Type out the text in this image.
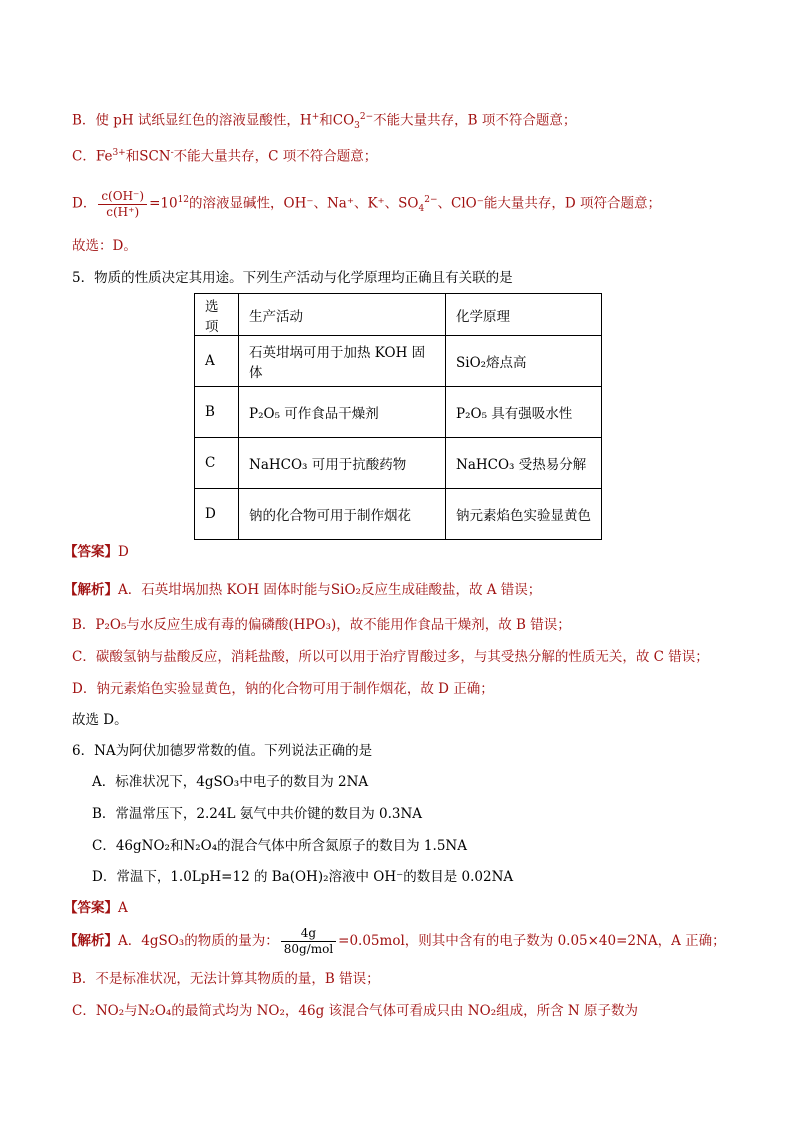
B．使 pH 试纸显红色的溶液显酸性，H+和$CO_3^{2-}$不能大量共存，B 项不符合题意；
C．$Fe^{3+}$和SCN-不能大量共存，C 项不符合题意；
D． $\frac{c(OH^-)}{c(H^+)} =10^{12}$的溶液显碱性，OH⁻、Na⁺、K⁺、$SO_4^{2-}$、ClO⁻能大量共存，D 项符合题意；
故选：D。
5．物质的性质决定其用途。下列生产活动与化学原理均正确且有关联的是
选项	生产活动	化学原理
A	石英坩埚可用于加热 KOH 固体	SiO₂熔点高
B	P₂O₅ 可作食品干燥剂	P₂O₅ 具有强吸水性
C	NaHCO₃ 可用于抗酸药物	NaHCO₃ 受热易分解
D	钠的化合物可用于制作烟花	钠元素焰色实验显黄色
【答案】D
【解析】A．石英坩埚加热 KOH 固体时能与SiO₂反应生成硅酸盐，故 A 错误；
B．P₂O₅与水反应生成有毒的偏磷酸(HPO₃)，故不能用作食品干燥剂，故 B 错误；
C．碳酸氢钠与盐酸反应，消耗盐酸，所以可以用于治疗胃酸过多，与其受热分解的性质无关，故 C 错误；
D．钠元素焰色实验显黄色，钠的化合物可用于制作烟花，故 D 正确；
故选 D。
6．NA为阿伏加德罗常数的值。下列说法正确的是
A．标准状况下，4gSO₃中电子的数目为 2NA
B．常温常压下，2.24L 氨气中共价键的数目为 0.3NA
C．46gNO₂和N₂O₄的混合气体中所含氮原子的数目为 1.5NA
D．常温下，1.0LpH=12 的 Ba(OH)₂溶液中 OH⁻的数目是 0.02NA
【答案】A
【解析】A．4gSO₃的物质的量为： $\frac{4g}{\text{80g/mol}} =0.05mol$，则其中含有的电子数为 0.05×40=2NA，A 正确；
B．不是标准状况，无法计算其物质的量，B 错误；
C．NO₂与N₂O₄的最简式均为 NO₂，46g 该混合气体可看成只由 NO₂组成，所含 N 原子数为
